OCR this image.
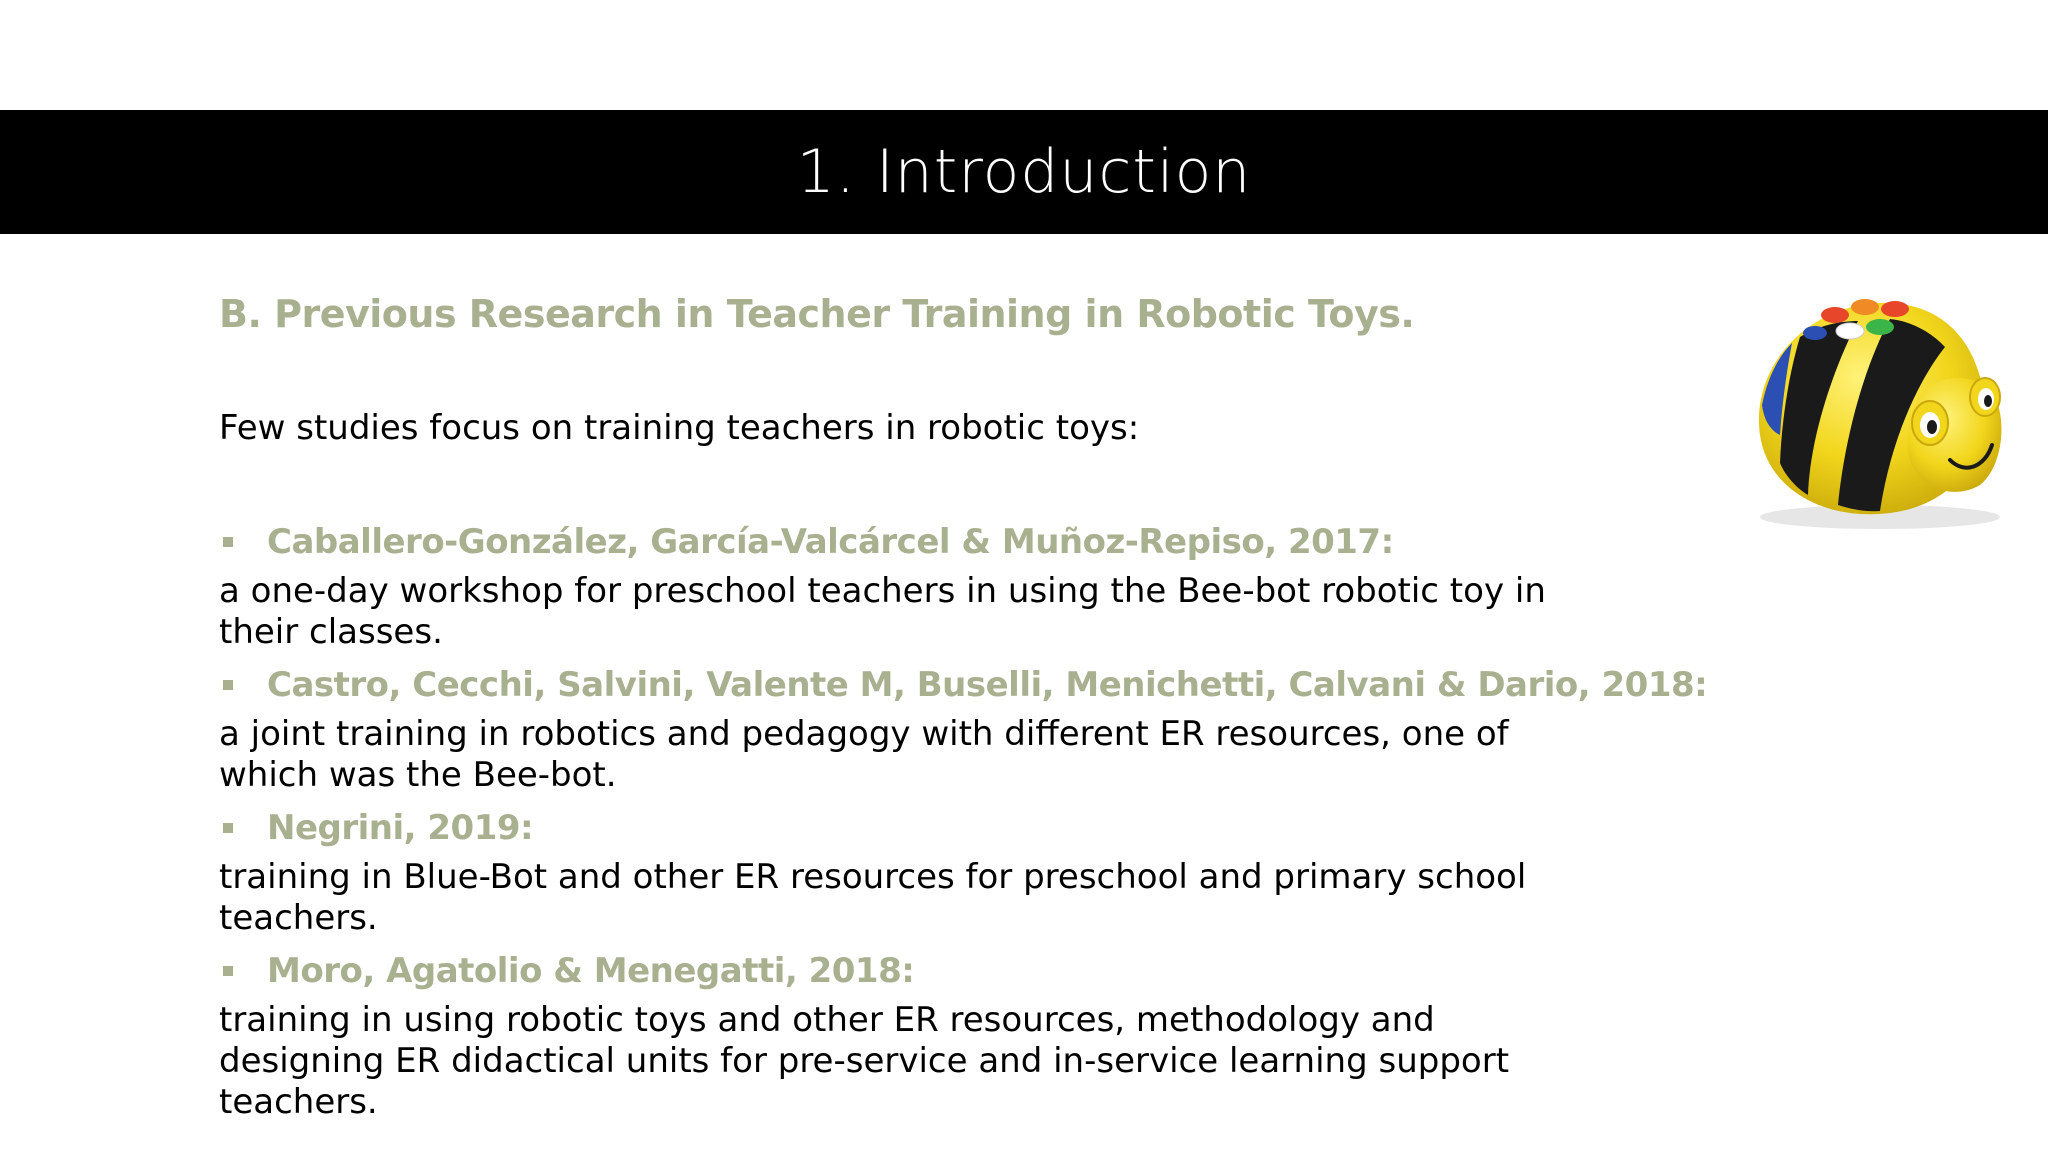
1. Introduction
B. Previous Research in Teacher Training in Robotic Toys.
Few studies focus on training teachers in robotic toys:
Caballero-González, García-Valcárcel & Muñoz-Repiso, 2017:
a one-day workshop for preschool teachers in using the Bee-bot robotic toy in their classes.
Castro, Cecchi, Salvini, Valente M, Buselli, Menichetti, Calvani & Dario, 2018:
a joint training in robotics and pedagogy with different ER resources, one of which was the Bee-bot.
Negrini, 2019:
training in Blue-Bot and other ER resources for preschool and primary school teachers.
Moro, Agatolio & Menegatti, 2018:
training in using robotic toys and other ER resources, methodology and designing ER didactical units for pre-service and in-service learning support teachers.
